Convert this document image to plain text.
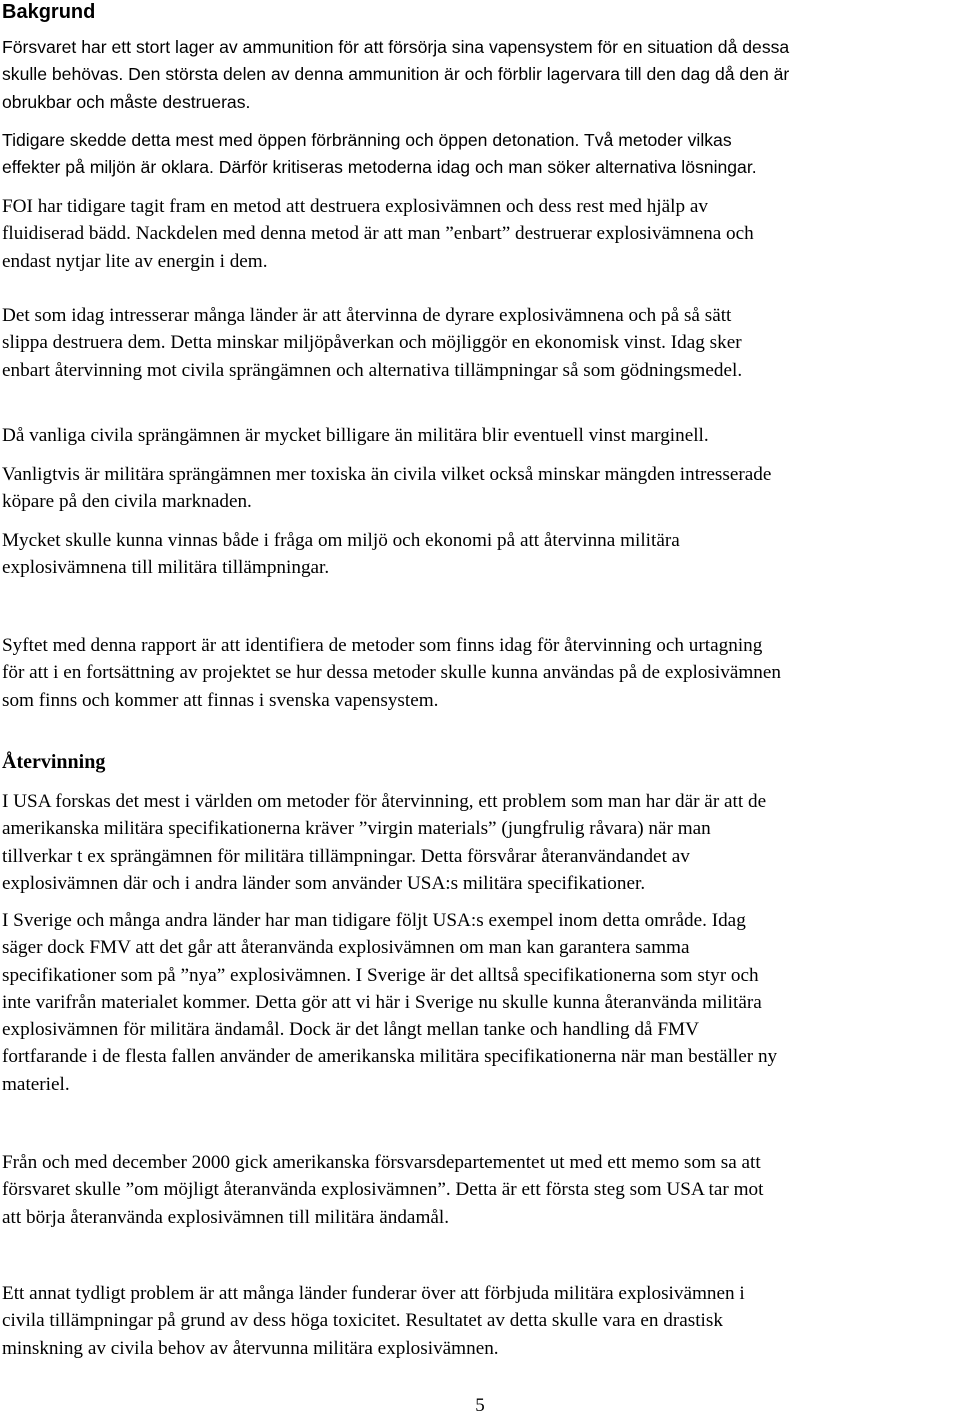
Bakgrund

Försvaret har ett stort lager av ammunition för att försörja sina vapensystem för en situation då dessa
skulle behövas. Den största delen av denna ammunition är och förblir lagervara till den dag då den är
obrukbar och måste destrueras.

Tidigare skedde detta mest med öppen förbränning och öppen detonation. Två metoder vilkas
effekter på miljön är oklara. Därför kritiseras metoderna idag och man söker alternativa lösningar.

FOI har tidigare tagit fram en metod att destruera explosivämnen och dess rest med hjälp av
fluidiserad bädd. Nackdelen med denna metod är att man ”enbart” destruerar explosivämnena och
endast nytjar lite av energin i dem.

Det som idag intresserar många länder är att återvinna de dyrare explosivämnena och på så sätt
slippa destruera dem. Detta minskar miljöpåverkan och möjliggör en ekonomisk vinst. Idag sker
enbart återvinning mot civila sprängämnen och alternativa tillämpningar så som gödningsmedel.

Då vanliga civila sprängämnen är mycket billigare än militära blir eventuell vinst marginell.

Vanligtvis är militära sprängämnen mer toxiska än civila vilket också minskar mängden intresserade
köpare på den civila marknaden.

Mycket skulle kunna vinnas både i fråga om miljö och ekonomi på att återvinna militära
explosivämnena till militära tillämpningar.

Syftet med denna rapport är att identifiera de metoder som finns idag för återvinning och urtagning
för att i en fortsättning av projektet se hur dessa metoder skulle kunna användas på de explosivämnen
som finns och kommer att finnas i svenska vapensystem.

Återvinning

I USA forskas det mest i världen om metoder för återvinning, ett problem som man har där är att de
amerikanska militära specifikationerna kräver ”virgin materials” (jungfrulig råvara) när man
tillverkar t ex sprängämnen för militära tillämpningar. Detta försvårar återanvändandet av
explosivämnen där och i andra länder som använder USA:s militära specifikationer.

I Sverige och många andra länder har man tidigare följt USA:s exempel inom detta område. Idag
säger dock FMV att det går att återanvända explosivämnen om man kan garantera samma
specifikationer som på ”nya” explosivämnen. I Sverige är det alltså specifikationerna som styr och
inte varifrån materialet kommer. Detta gör att vi här i Sverige nu skulle kunna återanvända militära
explosivämnen för militära ändamål. Dock är det långt mellan tanke och handling då FMV
fortfarande i de flesta fallen använder de amerikanska militära specifikationerna när man beställer ny
materiel.

Från och med december 2000 gick amerikanska försvarsdepartementet ut med ett memo som sa att
försvaret skulle ”om möjligt återanvända explosivämnen”. Detta är ett första steg som USA tar mot
att börja återanvända explosivämnen till militära ändamål.

Ett annat tydligt problem är att många länder funderar över att förbjuda militära explosivämnen i
civila tillämpningar på grund av dess höga toxicitet. Resultatet av detta skulle vara en drastisk
minskning av civila behov av återvunna militära explosivämnen.

5
